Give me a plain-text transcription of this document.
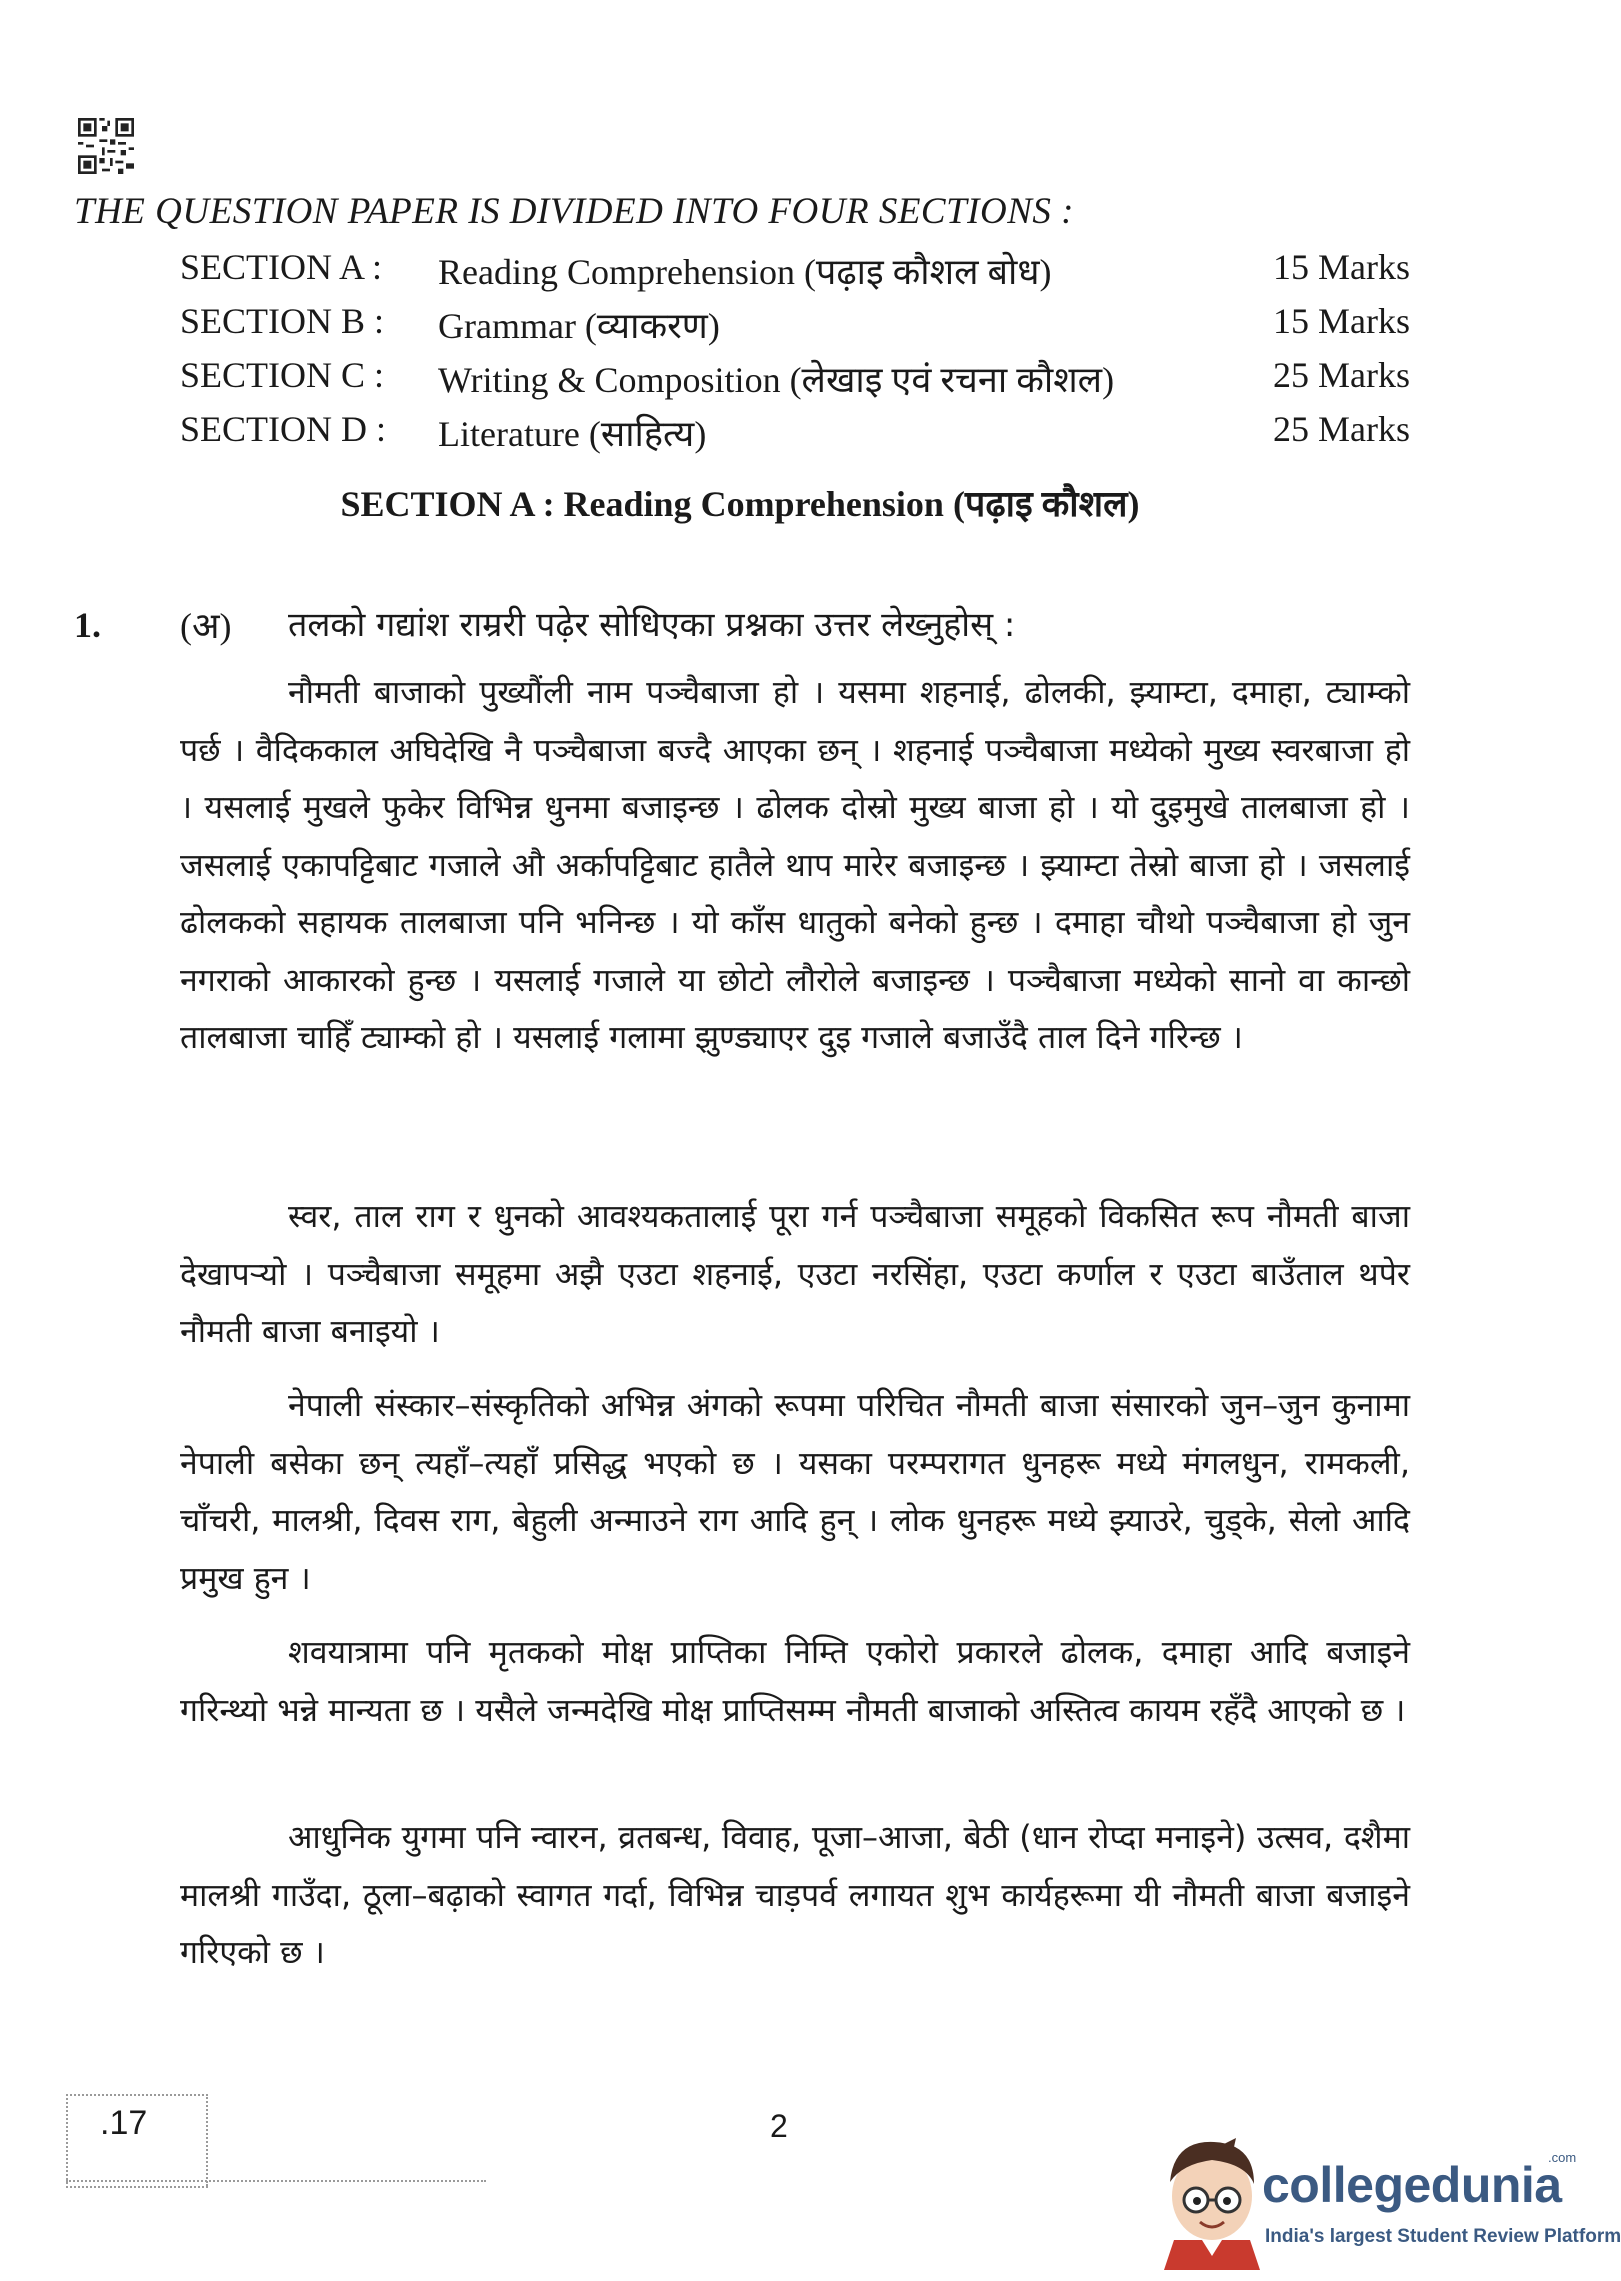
THE QUESTION PAPER IS DIVIDED INTO FOUR SECTIONS :
SECTION A : Reading Comprehension (पढ़ाइ कौशल बोध)	15 Marks
SECTION B : Grammar (व्याकरण)	15 Marks
SECTION C : Writing & Composition (लेखाइ एवं रचना कौशल)	25 Marks
SECTION D : Literature (साहित्य)	25 Marks
SECTION A : Reading Comprehension (पढ़ाइ कौशल)
1. (अ) तलको गद्यांश राम्ररी पढ़ेर सोधिएका प्रश्नका उत्तर लेख्नुहोस् :

नौमती बाजाको पुख्यौंली नाम पञ्चैबाजा हो । यसमा शहनाई, ढोलकी, झ्याम्टा, दमाहा, ट्याम्को पर्छ । वैदिककाल अघिदेखि नै पञ्चैबाजा बज्दै आएका छन् । शहनाई पञ्चैबाजा मध्येको मुख्य स्वरबाजा हो । यसलाई मुखले फुकेर विभिन्न धुनमा बजाइन्छ । ढोलक दोस्रो मुख्य बाजा हो । यो दुइमुखे तालबाजा हो । जसलाई एकापट्टिबाट गजाले औ अर्कापट्टिबाट हातैले थाप मारेर बजाइन्छ । झ्याम्टा तेस्रो बाजा हो । जसलाई ढोलकको सहायक तालबाजा पनि भनिन्छ । यो काँस धातुको बनेको हुन्छ । दमाहा चौथो पञ्चैबाजा हो जुन नगराको आकारको हुन्छ । यसलाई गजाले या छोटो लौरोले बजाइन्छ । पञ्चैबाजा मध्येको सानो वा कान्छो तालबाजा चाहिँ ट्याम्को हो । यसलाई गलामा झुण्ड्याएर दुइ गजाले बजाउँदै ताल दिने गरिन्छ ।

स्वर, ताल राग र धुनको आवश्यकतालाई पूरा गर्न पञ्चैबाजा समूहको विकसित रूप नौमती बाजा देखापऱ्यो । पञ्चैबाजा समूहमा अझै एउटा शहनाई, एउटा नरसिंहा, एउटा कर्णाल र एउटा बाउँताल थपेर नौमती बाजा बनाइयो ।

नेपाली संस्कार–संस्कृतिको अभिन्न अंगको रूपमा परिचित नौमती बाजा संसारको जुन–जुन कुनामा नेपाली बसेका छन् त्यहाँ–त्यहाँ प्रसिद्ध भएको छ । यसका परम्परागत धुनहरू मध्ये मंगलधुन, रामकली, चाँचरी, मालश्री, दिवस राग, बेहुली अन्माउने राग आदि हुन् । लोक धुनहरू मध्ये झ्याउरे, चुड्के, सेलो आदि प्रमुख हुन ।

शवयात्रामा पनि मृतकको मोक्ष प्राप्तिका निम्ति एकोरो प्रकारले ढोलक, दमाहा आदि बजाइने गरिन्थ्यो भन्ने मान्यता छ । यसैले जन्मदेखि मोक्ष प्राप्तिसम्म नौमती बाजाको अस्तित्व कायम रहँदै आएको छ ।

आधुनिक युगमा पनि न्वारन, व्रतबन्ध, विवाह, पूजा–आजा, बेठी (धान रोप्दा मनाइने) उत्सव, दशैमा मालश्री गाउँदा, ठूला–बढ़ाको स्वागत गर्दा, विभिन्न चाड़पर्व लगायत शुभ कार्यहरूमा यी नौमती बाजा बजाइने गरिएको छ ।

.17	2
collegedunia
.com
India's largest Student Review Platform
